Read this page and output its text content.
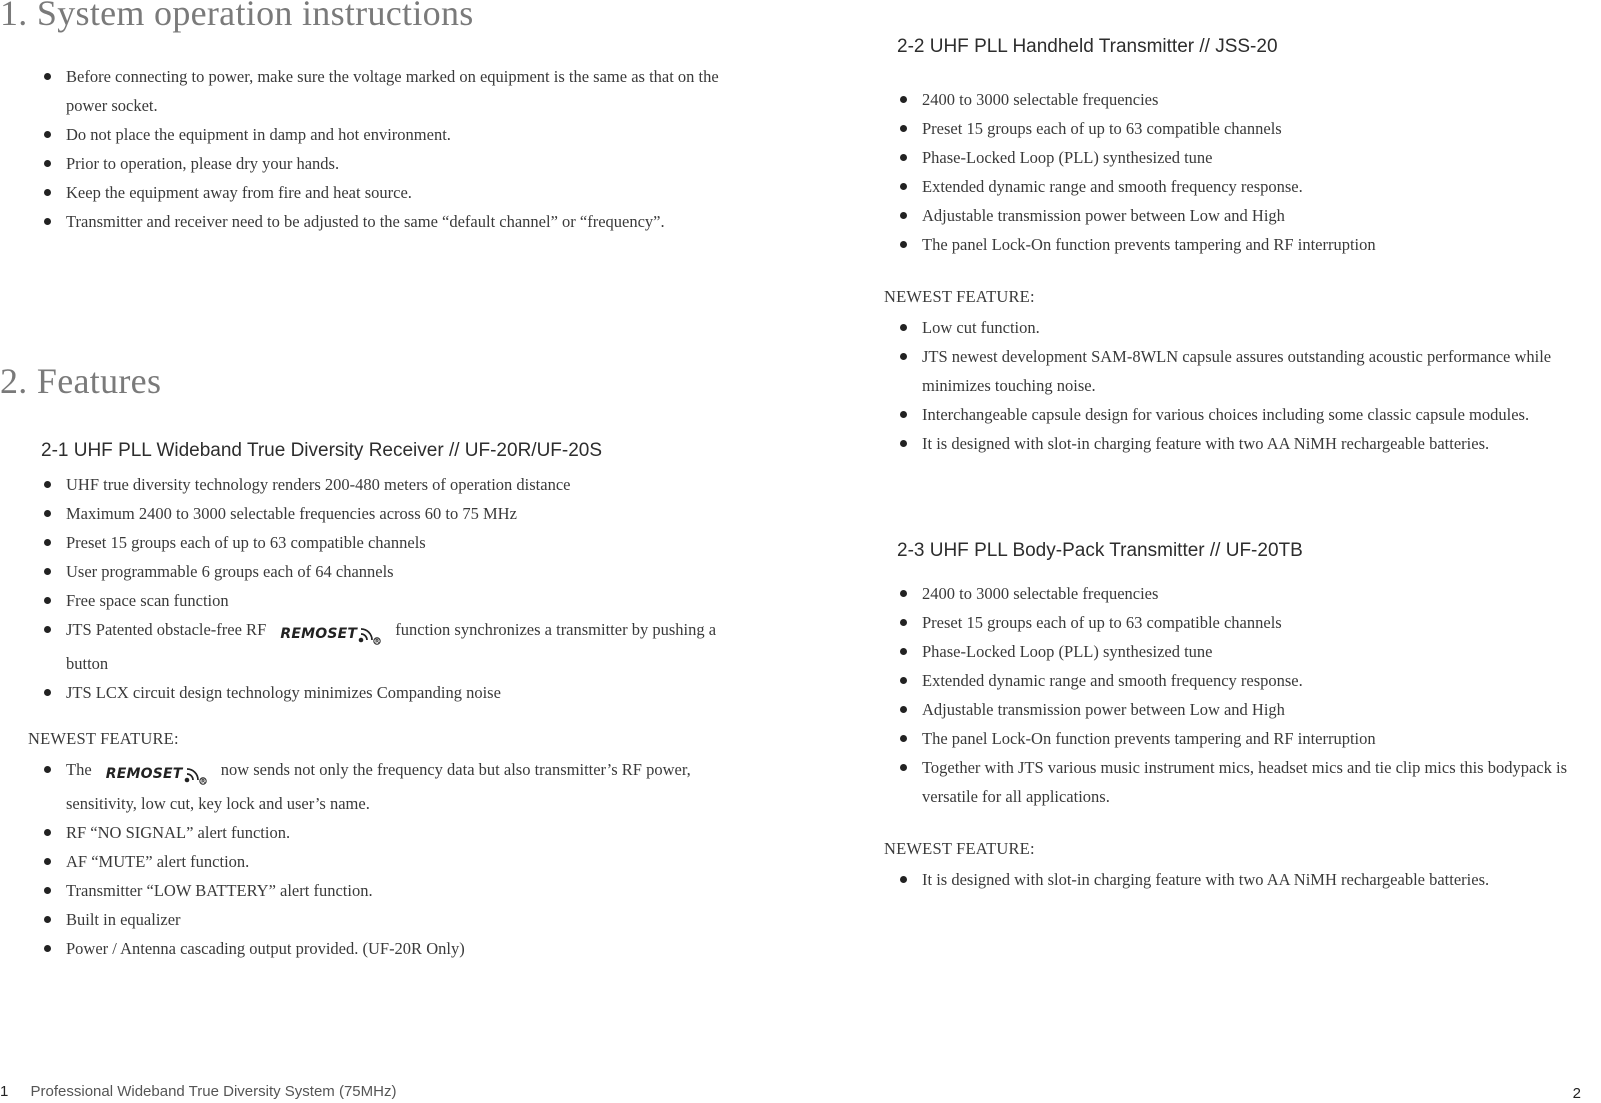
1. System operation instructions
Before connecting to power, make sure the voltage marked on equipment is the same as that on the power socket.
Do not place the equipment in damp and hot environment.
Prior to operation, please dry your hands.
Keep the equipment away from fire and heat source.
Transmitter and receiver need to be adjusted to the same “default channel” or “frequency”.
2. Features
2-1 UHF PLL Wideband True Diversity Receiver // UF-20R/UF-20S
UHF true diversity technology renders 200-480 meters of operation distance
Maximum 2400 to 3000 selectable frequencies across 60 to 75 MHz
Preset 15 groups each of up to 63 compatible channels
User programmable 6 groups each of 64 channels
Free space scan function
JTS Patented obstacle-free RF REMOSET function synchronizes a transmitter by pushing a button
JTS LCX circuit design technology minimizes Companding noise

NEWEST FEATURE:

The REMOSET now sends not only the frequency data but also transmitter’s RF power, sensitivity, low cut, key lock and user’s name.
RF “NO SIGNAL” alert function.
AF “MUTE” alert function.
Transmitter “LOW BATTERY” alert function.
Built in equalizer
Power / Antenna cascading output provided. (UF-20R Only)
1 Professional Wideband True Diversity System (75MHz)
2-2 UHF PLL Handheld Transmitter // JSS-20
2400 to 3000 selectable frequencies
Preset 15 groups each of up to 63 compatible channels
Phase-Locked Loop (PLL) synthesized tune
Extended dynamic range and smooth frequency response.
Adjustable transmission power between Low and High
The panel Lock-On function prevents tampering and RF interruption

NEWEST FEATURE:

Low cut function.
JTS newest development SAM-8WLN capsule assures outstanding acoustic performance while minimizes touching noise.
Interchangeable capsule design for various choices including some classic capsule modules.
It is designed with slot-in charging feature with two AA NiMH rechargeable batteries.
2-3 UHF PLL Body-Pack Transmitter // UF-20TB
2400 to 3000 selectable frequencies
Preset 15 groups each of up to 63 compatible channels
Phase-Locked Loop (PLL) synthesized tune
Extended dynamic range and smooth frequency response.
Adjustable transmission power between Low and High
The panel Lock-On function prevents tampering and RF interruption
Together with JTS various music instrument mics, headset mics and tie clip mics this bodypack is versatile for all applications.

NEWEST FEATURE:

It is designed with slot-in charging feature with two AA NiMH rechargeable batteries.
2
